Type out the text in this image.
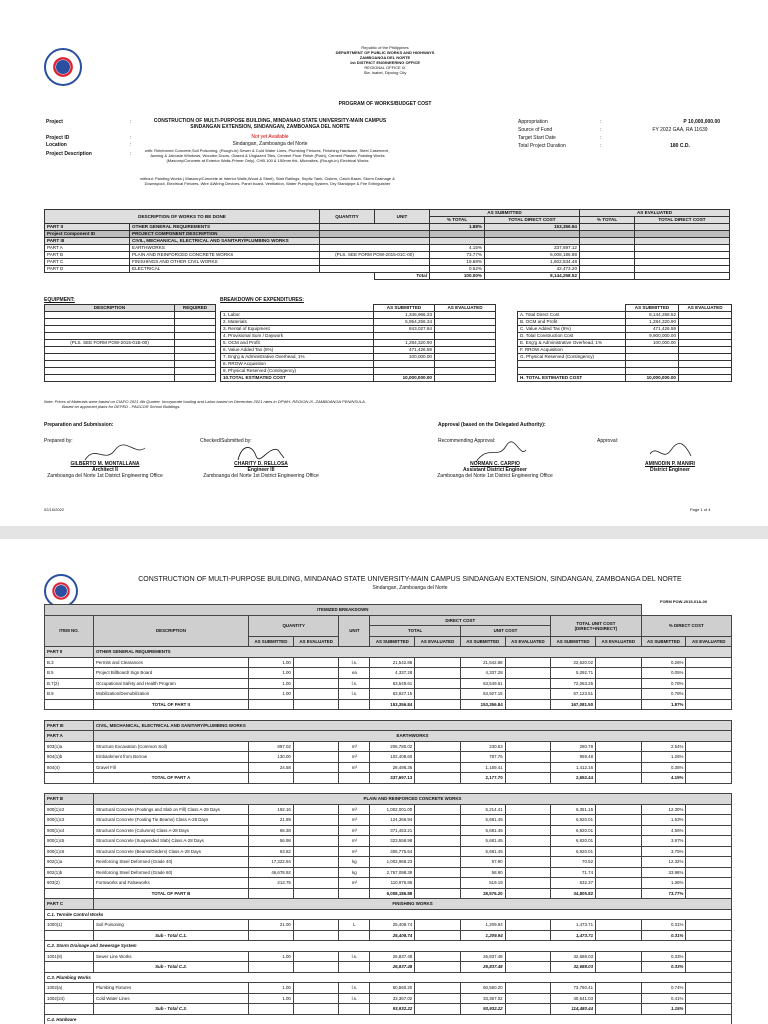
Republic of the Philippines
DEPARTMENT OF PUBLIC WORKS AND HIGHWAYS
ZAMBOANGA DEL NORTE
1st DISTRICT ENGINEERING OFFICE
REGIONAL OFFICE IX
Sta. Isabel, Dipolog City
PROGRAM OF WORKS/BUDGET COST
Project	:	CONSTRUCTION OF MULTI-PURPOSE BUILDING, MINDANAO STATE UNIVERSITY-MAIN CAMPUS
SINDANGAN EXTENSION, SINDANGAN, ZAMBOANGA DEL NORTE
Project ID	:	Not yet Available
Location	:	Sindangan, Zamboanga del Norte
Project Description	:
with: Reinforced Concrete,Soil Poisoning, (Rough-in) Sewer & Cold Water Lines, Plumbing Fixtures, Finishing Hardware, Steel Casement , Awning & Jalousie Windows, Wooden Doors, Glazed & Unglazed Tiles, Cement Floor Finish (Plain), Cement Plaster, Painting Works (Masonry/Concrete at Exterior Walls-Primer Only), CHB 100 & 150mm thk, Microsites, (Rough-in) Electrical Works
without: Painting Works ( Masonry/Concrete at Interior Walls,Wood & Steel), Stair Railings, Septic Tank, Cistern, Catch Basin, Storm Drainage & Downspout, Electrical Fixtures, Wire &Wiring Devices, Panel board, Ventilation, Water Pumping System, Dry Standpipe & Fire Extinguisher
Appropriation	:	P 10,000,000.00
Source of Fund	:	FY 2022 GAA, RA 11639
Target Start Date	:
Total Project Duration	:	180 C.D.
DESCRIPTION OF WORKS TO BE DONE		QUANTITY	UNIT	AS SUBMITTED		AS EVALUATED	
				% TOTAL	TOTAL DIRECT COST	% TOTAL	TOTAL DIRECT COST
PART II	OTHER GENERAL REQUIREMENTS			1.88%	153,356.84		
Project Component ID	PROJECT COMPONENT DESCRIPTION						
PART III	CIVIL, MECHANICAL, ELECTRICAL AND SANITARY/PLUMBING WORKS						
PART A	EARTHWORKS			4.15%	337,697.12		
PART B	PLAIN AND REINFORCED CONCRETE WORKS	(PLS. SEE FORM POW-2015-01C-00)		73.77%	6,008,186.88		
PART C	FINISHINGS AND OTHER CIVIL WORKS			19.68%	1,602,534.48		
PART D	ELECTRICAL			0.52%	42,473.20		
			Total	100.00%	8,144,258.52		
EQUIPMENT:
DESCRIPTION	REQUIRED

(PLS. SEE FORM POW-2015-01B-00)	

BREAKDOWN OF EXPENDITURES:
	AS SUBMITTED	AS EVALUATED
1. Labor	1,346,966.33	
2. Materials	5,954,256.34	
3. Rental of Equipment	843,027.84	
4. Provisional Sum / Daywork		
5. OCM and Profit	1,284,320.90	
6. Value Added Tax (5%)	471,426.59	
7. Eng'g & Administrative Overhead, 1%	100,000.00	
8. RROW Acquisition		
9. Physical Reserved (Contingency)		
10.TOTAL ESTIMATED COST	10,000,000.00	
	AS SUBMITTED	AS EVALUATED
A. Total Direct Cost	8,144,258.52	
B. OCM and Profit	1,284,320.90	
C. Value Added Tax (5%)	471,426.59	
D. Total Construction Cost	9,900,000.00	
E. Eng'g & Administrative Overhead, 1%	100,000.00	
F. RROW Acquisition		
G. Physical Reserved (Contingency)		

H. TOTAL ESTIMATED COST	10,000,000.00	
Note: Prices of Materials were based on CIAPO 2021 4th Quarter. Incorporate hauling and Labor based on December 2021 rates in DPWH- REGION IX- ZAMBOANGA PENINSULA.
Based on approved plans for DEPED - PAGCOR School Buildings.
Preparation and Submission:	Approval (based on the Delegated Authority):
Prepared by:	Checked/Submitted by:	Recommending Approval:	Approval:
GILBERTO M. MONTALLANA
Architect II
Zamboanga del Norte 1st District Engineering Office
CHARITY D. RELLOSA
Engineer III
Zamboanga del Norte 1st District Engineering Office
NORMAN C. CARPIO
Assistant District Engineer
Zamboanga del Norte 1st District Engineering Office
AMINODIN P. MANIRI
District Engineer
02/15/2022	Page 1 of 4
CONSTRUCTION OF MULTI-PURPOSE BUILDING, MINDANAO STATE UNIVERSITY-MAIN CAMPUS SINDANGAN EXTENSION, SINDANGAN, ZAMBOANGA DEL NORTE
Sindangan, Zamboanga del Norte
FORM POW-2015-01A-00
ITEMIZED BREAKDOWN												
ITEM NO.	DESCRIPTION	QUANTITY		UNIT	DIRECT COST				TOTAL UNIT COST
(DIRECT+INDIRECT)		% DIRECT COST	
					TOTAL		UNIT COST					
		AS SUBMITTED	AS EVALUATED		AS SUBMITTED	AS EVALUATED	AS SUBMITTED	AS EVALUATED	AS SUBMITTED	AS EVALUATED	AS SUBMITTED	AS EVALUATED
PART II	OTHER GENERAL REQUIREMENTS											
B.3	Permits and Clearances	1.00		l.s.	21,542.88		21,542.88		22,620.02		0.26%	
B.5	Project Billboard/ Sign Board	1.00		ea	4,337.28		4,337.28		5,292.71		0.05%	
B.7(2)	Occupational Safety and Health Program	1.00		l.s.	63,549.61		63,549.61		72,063.26		0.78%	
B.9	Mobilization/Demobilization	1.00		l.s.	63,927.15		63,927.15		67,123.51		0.78%	
	TOTAL OF PART II				153,356.84		153,356.84		167,081.50		1.87%	

PART III	CIVIL, MECHANICAL, ELECTRICAL AND SANITARY/PLUMBING WORKS											
PART A	EARTHWORKS											
803(1)a	Structure Excavation (Common Soil)	897.02		m³	206,780.02		230.53		280.78		2.54%	
804(1)b	Embankment from Borrow	130.00		m³	102,408.60		787.76		959.48		1.26%	
804(4)	Gravel Fill	24.58		m³	28,498.36		1,159.41		1,412.16		0.35%	
	TOTAL OF PART A				337,697.13		2,177.70		2,652.44		4.15%	

PART B	PLAIN AND REINFORCED CONCRETE WORKS											
900(1)c2	Structural Concrete (Footings and Slab on Fill) Class A-28 Days	192.16		m³	1,002,001.00		5,214.41		6,351.15		12.30%	
900(1)c3	Structural Concrete (Footing Tie Beams) Class A-28 Days	21.89		m³	124,366.94		5,681.45		6,920.01		1.53%	
900(1)c4	Structural Concrete (Columns) Class A-28 Days	65.38		m³	371,453.21		5,681.45		6,920.01		4.56%	
900(1)c5	Structural Concrete (Suspended Slab) Class A-28 Days	56.98		m³	323,558.98		5,681.45		6,920.01		3.97%	
900(1)c6	Structural Concrete (Beams/Girders) Class A-28 Days	53.82		m³	305,775.64		5,681.45		6,920.01		3.75%	
902(1)a	Reinforcing Steel Deformed (Grade 40)	17,322.94		kg	1,002,968.23		57.90		70.52		12.32%	
902(1)b	Reinforcing Steel Deformed (Grade 60)	46,678.92		kg	2,767,098.39		58.90		71.74		33.98%	
903(2)	Formworks and Falseworks	213.75		m²	110,976.86		519.19		632.37		1.36%	
	TOTAL OF PART B				6,008,186.88		28,576.20		34,805.82		73.77%	
PART C	FINISHING WORKS											
C.1. Termite Control Works												
1000(1)	Soil Poisoning	21.00		L	25,408.74		1,209.94		1,473.71		0.31%	
	Sub - Total C.1.				25,408.74		1,209.94		1,473.71		0.31%	
C.2. Storm Drainage and Sewerage System												
1001(8)	Sewer Line Works	1.00		l.s.	26,837.48		26,837.48		32,688.03		0.33%	
	Sub - Total C.2.				26,837.48		26,837.48		32,688.03		0.33%	
C.3. Plumbing Works												
1002(a)	Plumbing Fixtures	1.00		l.s.	60,560.20		60,560.20		73,760.41		0.74%	
1002(24)	Cold Water Lines	1.00		l.s.	33,367.02		33,367.02		40,641.03		0.41%	
	Sub - Total C.3.				93,932.22		93,932.22		114,480.44		1.15%	
C.4. Hardware												
